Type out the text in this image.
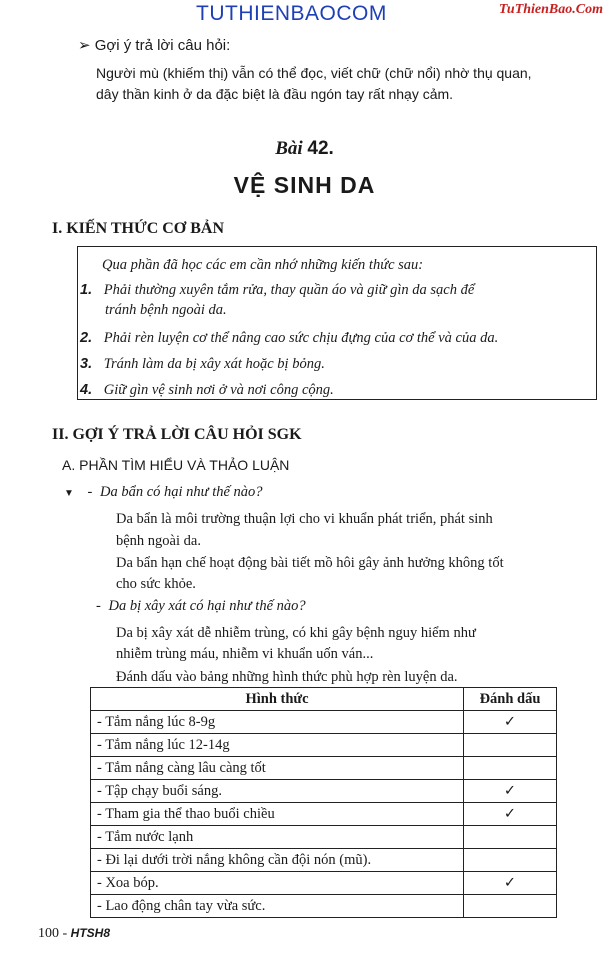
TUTHIENBAOCOM	TuThienBao.Com
➢ Gợi ý trả lời câu hỏi:
Người mù (khiếm thị) vẫn có thể đọc, viết chữ (chữ nổi) nhờ thụ quan,
dây thần kinh ở da đặc biệt là đầu ngón tay rất nhạy cảm.
Bài 42.
VỆ SINH DA
I. KIẾN THỨC CƠ BẢN
Qua phần đã học các em cần nhớ những kiến thức sau:
1. Phải thường xuyên tắm rửa, thay quần áo và giữ gìn da sạch để
tránh bệnh ngoài da.
2. Phải rèn luyện cơ thể nâng cao sức chịu đựng của cơ thể và của da.
3. Tránh làm da bị xây xát hoặc bị bỏng.
4. Giữ gìn vệ sinh nơi ở và nơi công cộng.
II. GỢI Ý TRẢ LỜI CÂU HỎI SGK
A. PHẦN TÌM HIỂU VÀ THẢO LUẬN
▼ - Da bẩn có hại như thế nào?
Da bẩn là môi trường thuận lợi cho vi khuẩn phát triển, phát sinh
bệnh ngoài da.
Da bẩn hạn chế hoạt động bài tiết mồ hôi gây ảnh hưởng không tốt
cho sức khỏe.
- Da bị xây xát có hại như thế nào?
Da bị xây xát dễ nhiễm trùng, có khi gây bệnh nguy hiểm như
nhiễm trùng máu, nhiễm vi khuẩn uốn ván...
Đánh dấu vào bảng những hình thức phù hợp rèn luyện da.
Hình thức	Đánh dấu
- Tắm nắng lúc 8-9g	✓
- Tắm nắng lúc 12-14g	
- Tắm nắng càng lâu càng tốt	
- Tập chạy buổi sáng.	✓
- Tham gia thể thao buổi chiều	✓
- Tắm nước lạnh	
- Đi lại dưới trời nắng không cần đội nón (mũ).	
- Xoa bóp.	✓
- Lao động chân tay vừa sức.	
100 - HTSH8
